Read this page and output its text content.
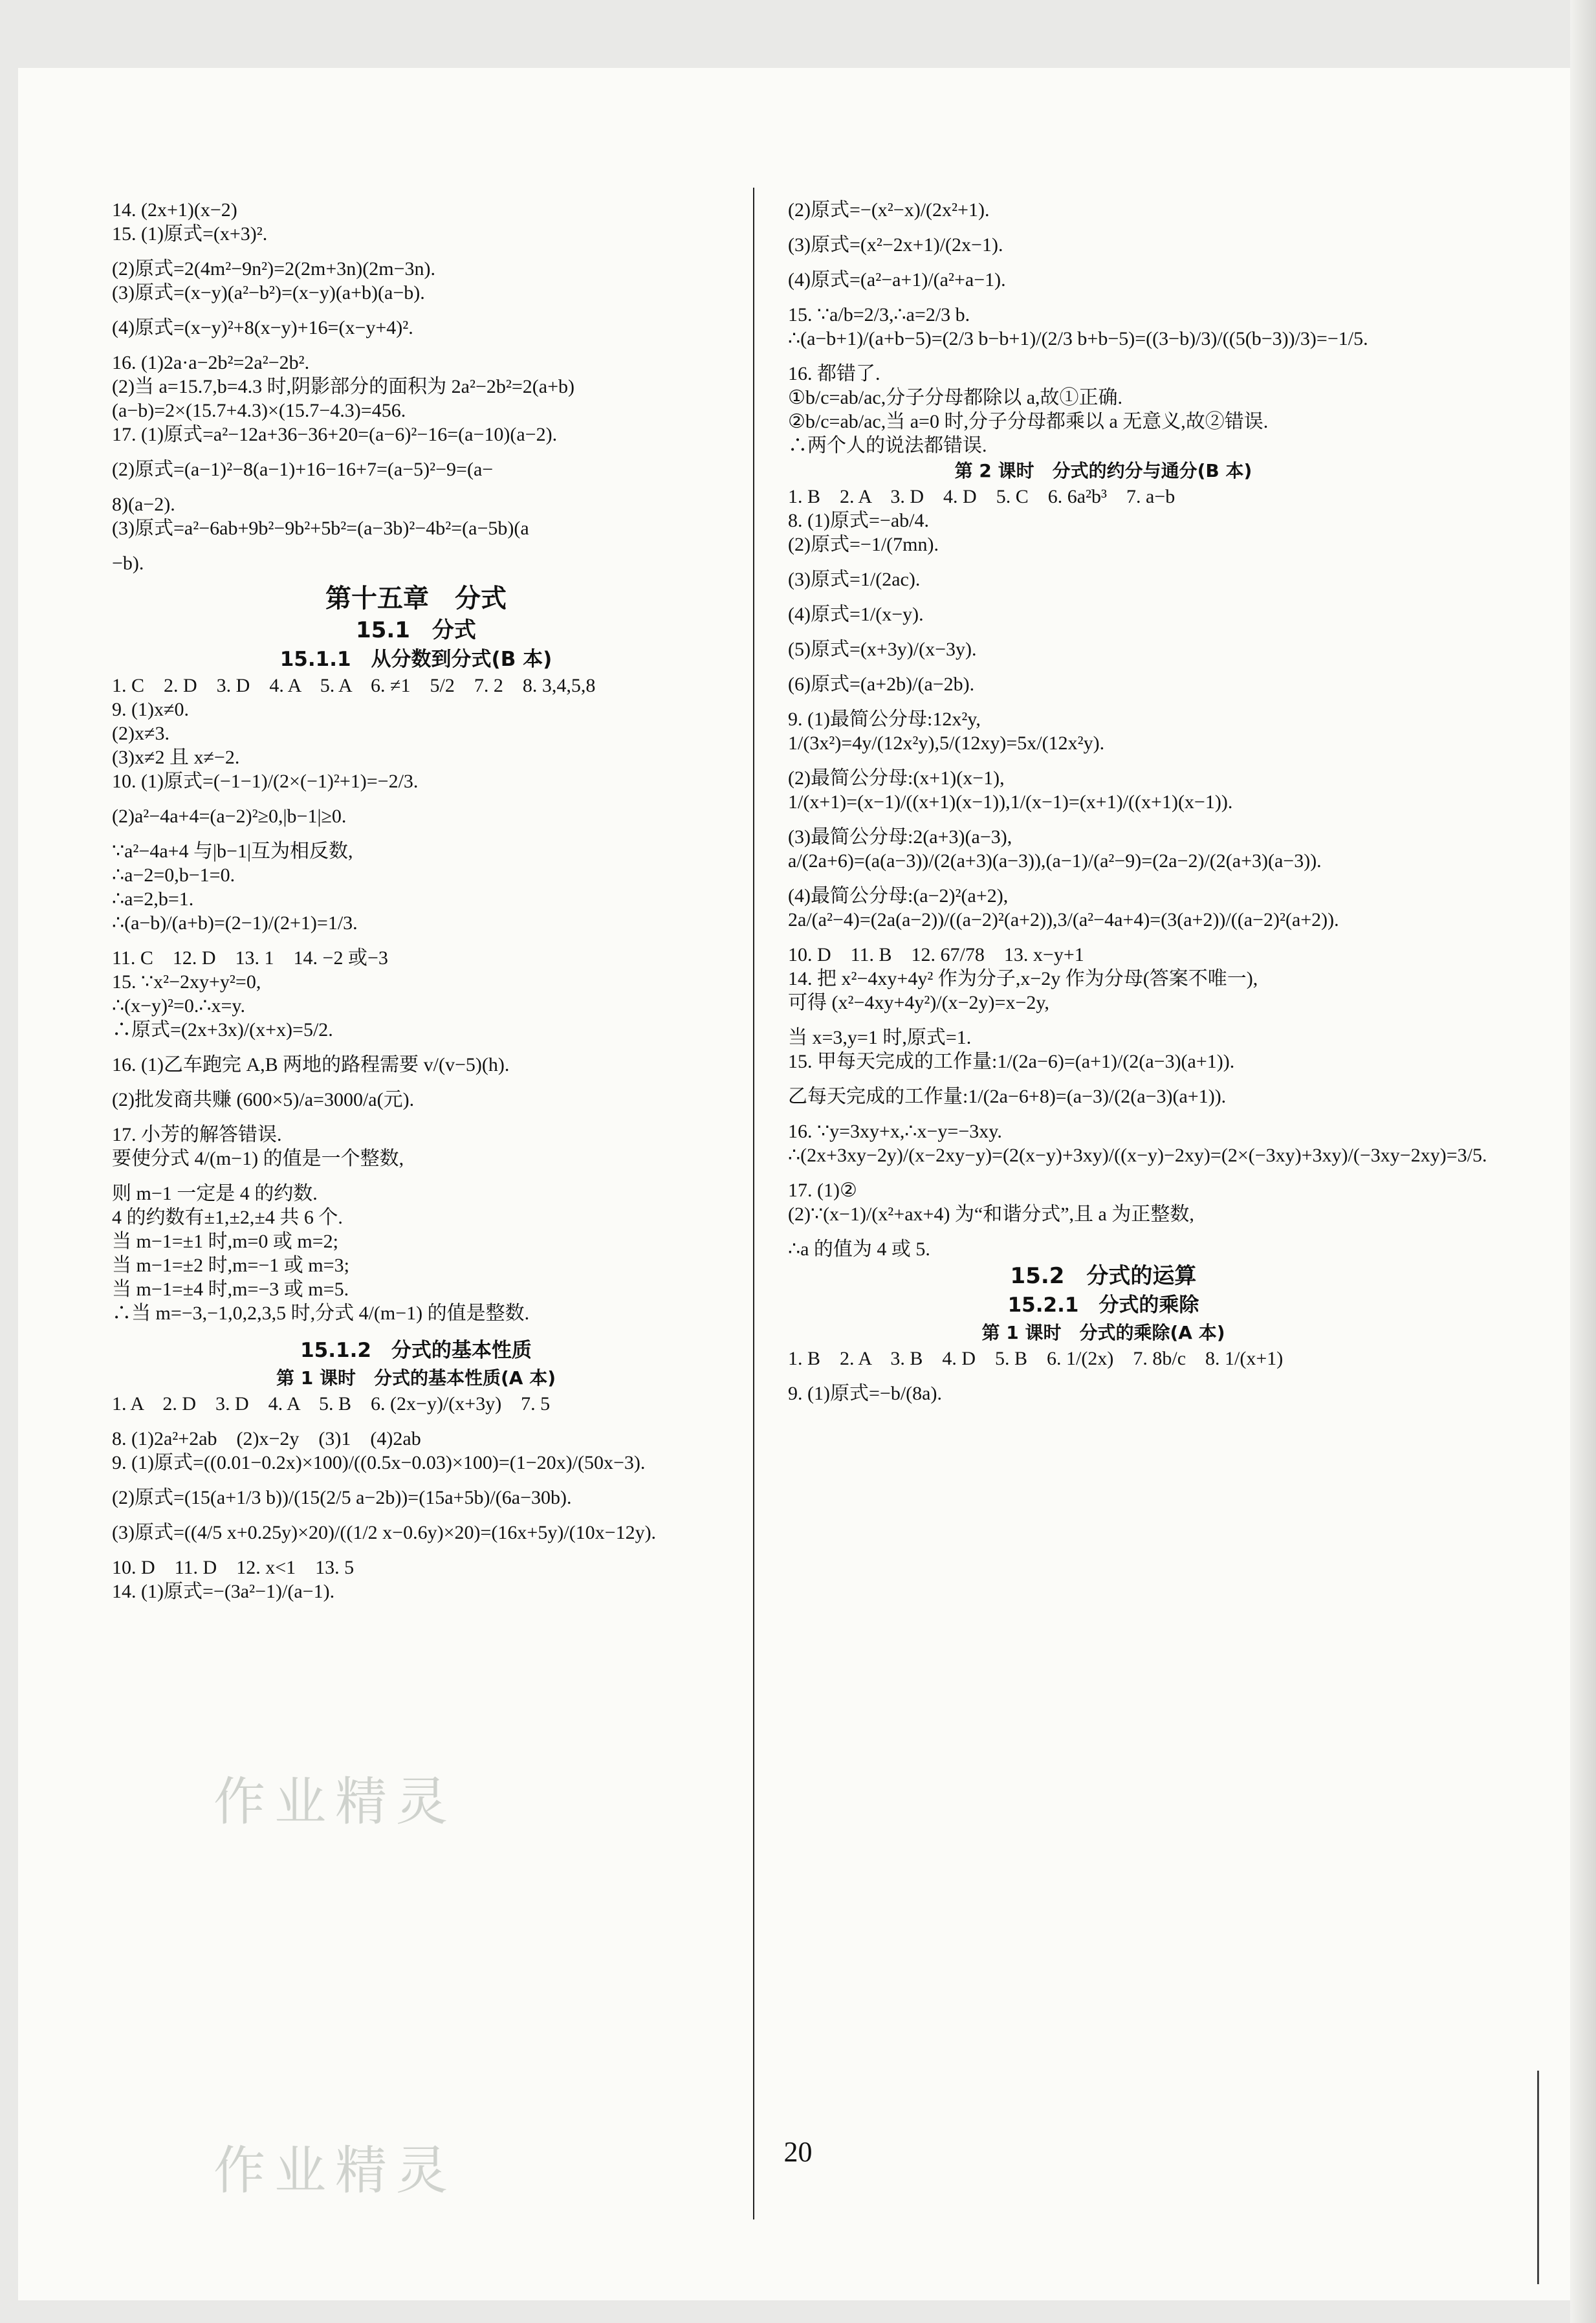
作业精灵
作业精灵
14. (2x+1)(x−2)
15. (1)原式=(x+3)².
(2)原式=2(4m²−9n²)=2(2m+3n)(2m−3n).
(3)原式=(x−y)(a²−b²)=(x−y)(a+b)(a−b).
(4)原式=(x−y)²+8(x−y)+16=(x−y+4)².
16. (1)2a·a−2b²=2a²−2b².
(2)当 a=15.7,b=4.3 时,阴影部分的面积为 2a²−2b²=2(a+b)
(a−b)=2×(15.7+4.3)×(15.7−4.3)=456.
17. (1)原式=a²−12a+36−36+20=(a−6)²−16=(a−10)(a−2).
(2)原式=(a−1)²−8(a−1)+16−16+7=(a−5)²−9=(a−
8)(a−2).
(3)原式=a²−6ab+9b²−9b²+5b²=(a−3b)²−4b²=(a−5b)(a
−b).
第十五章　分式
15.1　分式
15.1.1　从分数到分式(B 本)
1. C　2. D　3. D　4. A　5. A　6. ≠1　5/2　7. 2　8. 3,4,5,8
9. (1)x≠0.
(2)x≠3.
(3)x≠2 且 x≠−2.
10. (1)原式=(−1−1)/(2×(−1)²+1)=−2/3.
(2)a²−4a+4=(a−2)²≥0,|b−1|≥0.
∵a²−4a+4 与|b−1|互为相反数,
∴a−2=0,b−1=0.
∴a=2,b=1.
∴(a−b)/(a+b)=(2−1)/(2+1)=1/3.
11. C　12. D　13. 1　14. −2 或−3
15. ∵x²−2xy+y²=0,
∴(x−y)²=0.∴x=y.
∴原式=(2x+3x)/(x+x)=5/2.
16. (1)乙车跑完 A,B 两地的路程需要 v/(v−5)(h).
(2)批发商共赚 (600×5)/a=3000/a(元).
17. 小芳的解答错误.
要使分式 4/(m−1) 的值是一个整数,
则 m−1 一定是 4 的约数.
4 的约数有±1,±2,±4 共 6 个.
当 m−1=±1 时,m=0 或 m=2;
当 m−1=±2 时,m=−1 或 m=3;
当 m−1=±4 时,m=−3 或 m=5.
∴当 m=−3,−1,0,2,3,5 时,分式 4/(m−1) 的值是整数.
15.1.2　分式的基本性质
第 1 课时　分式的基本性质(A 本)
1. A　2. D　3. D　4. A　5. B　6. (2x−y)/(x+3y)　7. 5
8. (1)2a²+2ab　(2)x−2y　(3)1　(4)2ab
9. (1)原式=((0.01−0.2x)×100)/((0.5x−0.03)×100)=(1−20x)/(50x−3).
(2)原式=(15(a+1/3 b))/(15(2/5 a−2b))=(15a+5b)/(6a−30b).
(3)原式=((4/5 x+0.25y)×20)/((1/2 x−0.6y)×20)=(16x+5y)/(10x−12y).
10. D　11. D　12. x<1　13. 5
14. (1)原式=−(3a²−1)/(a−1).
(2)原式=−(x²−x)/(2x²+1).
(3)原式=(x²−2x+1)/(2x−1).
(4)原式=(a²−a+1)/(a²+a−1).
15. ∵a/b=2/3,∴a=2/3 b.
∴(a−b+1)/(a+b−5)=(2/3 b−b+1)/(2/3 b+b−5)=((3−b)/3)/((5(b−3))/3)=−1/5.
16. 都错了.
①b/c=ab/ac,分子分母都除以 a,故①正确.
②b/c=ab/ac,当 a=0 时,分子分母都乘以 a 无意义,故②错误.
∴两个人的说法都错误.
第 2 课时　分式的约分与通分(B 本)
1. B　2. A　3. D　4. D　5. C　6. 6a²b³　7. a−b
8. (1)原式=−ab/4.
(2)原式=−1/(7mn).
(3)原式=1/(2ac).
(4)原式=1/(x−y).
(5)原式=(x+3y)/(x−3y).
(6)原式=(a+2b)/(a−2b).
9. (1)最简公分母:12x²y,
1/(3x²)=4y/(12x²y),5/(12xy)=5x/(12x²y).
(2)最简公分母:(x+1)(x−1),
1/(x+1)=(x−1)/((x+1)(x−1)),1/(x−1)=(x+1)/((x+1)(x−1)).
(3)最简公分母:2(a+3)(a−3),
a/(2a+6)=(a(a−3))/(2(a+3)(a−3)),(a−1)/(a²−9)=(2a−2)/(2(a+3)(a−3)).
(4)最简公分母:(a−2)²(a+2),
2a/(a²−4)=(2a(a−2))/((a−2)²(a+2)),3/(a²−4a+4)=(3(a+2))/((a−2)²(a+2)).
10. D　11. B　12. 67/78　13. x−y+1
14. 把 x²−4xy+4y² 作为分子,x−2y 作为分母(答案不唯一),
可得 (x²−4xy+4y²)/(x−2y)=x−2y,
当 x=3,y=1 时,原式=1.
15. 甲每天完成的工作量:1/(2a−6)=(a+1)/(2(a−3)(a+1)).
乙每天完成的工作量:1/(2a−6+8)=(a−3)/(2(a−3)(a+1)).
16. ∵y=3xy+x,∴x−y=−3xy.
∴(2x+3xy−2y)/(x−2xy−y)=(2(x−y)+3xy)/((x−y)−2xy)=(2×(−3xy)+3xy)/(−3xy−2xy)=3/5.
17. (1)②
(2)∵(x−1)/(x²+ax+4) 为“和谐分式”,且 a 为正整数,
∴a 的值为 4 或 5.
15.2　分式的运算
15.2.1　分式的乘除
第 1 课时　分式的乘除(A 本)
1. B　2. A　3. B　4. D　5. B　6. 1/(2x)　7. 8b/c　8. 1/(x+1)
9. (1)原式=−b/(8a).
20
